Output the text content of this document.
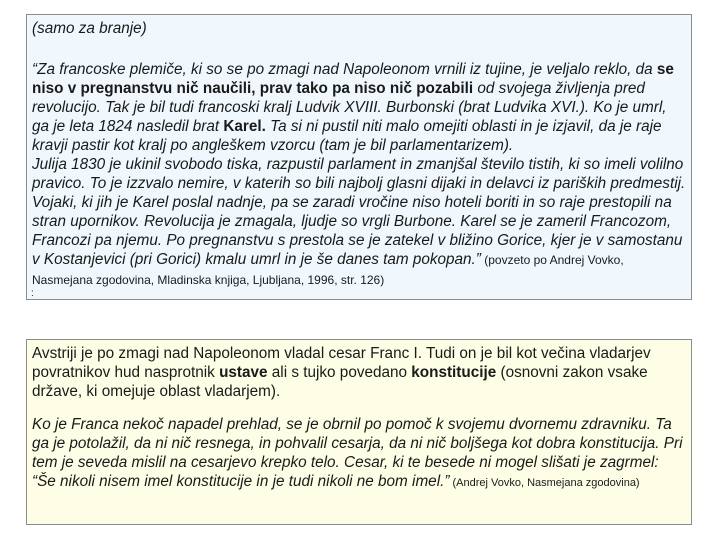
(samo za branje)

“Za francoske plemiče, ki so se po zmagi nad Napoleonom vrnili iz tujine, je veljalo reklo, da se niso v pregnanstvu nič naučili, prav tako pa niso nič pozabili od svojega življenja pred revolucijo. Tak je bil tudi francoski kralj Ludvik XVIII. Burbonski (brat Ludvika XVI.). Ko je umrl, ga je leta 1824 nasledil brat Karel. Ta si ni pustil niti malo omejiti oblasti in je izjavil, da je raje kravji pastir kot kralj po angleškem vzorcu (tam je bil parlamentarizem).
Julija 1830 je ukinil svobodo tiska, razpustil parlament in zmanjšal število tistih, ki so imeli volilno pravico. To je izzvalo nemire, v katerih so bili najbolj glasni dijaki in delavci iz pariških predmestij. Vojaki, ki jih je Karel poslal nadnje, pa se zaradi vročine niso hoteli boriti in so raje prestopili na stran upornikov. Revolucija je zmagala, ljudje so vrgli Burbone. Karel se je zameril Francozom, Francozi pa njemu. Po pregnanstvu s prestola se je zatekel v bližino Gorice, kjer je v samostanu v Kostanjevici (pri Gorici) kmalu umrl in je še danes tam pokopan.” (povzeto po Andrej Vovko, Nasmejana zgodovina, Mladinska knjiga, Ljubljana, 1996, str. 126)

:

Avstriji je po zmagi nad Napoleonom vladal cesar Franc I. Tudi on je bil kot večina vladarjev povratnikov hud nasprotnik ustave ali s tujko povedano konstitucije (osnovni zakon vsake države, ki omejuje oblast vladarjem).

Ko je Franca nekoč napadel prehlad, se je obrnil po pomoč k svojemu dvornemu zdravniku. Ta ga je potolažil, da ni nič resnega, in pohvalil cesarja, da ni nič boljšega kot dobra konstitucija. Pri tem je seveda mislil na cesarjevo krepko telo. Cesar, ki te besede ni mogel slišati je zagrmel:
“Še nikoli nisem imel konstitucije in je tudi nikoli ne bom imel.” (Andrej Vovko, Nasmejana zgodovina)
